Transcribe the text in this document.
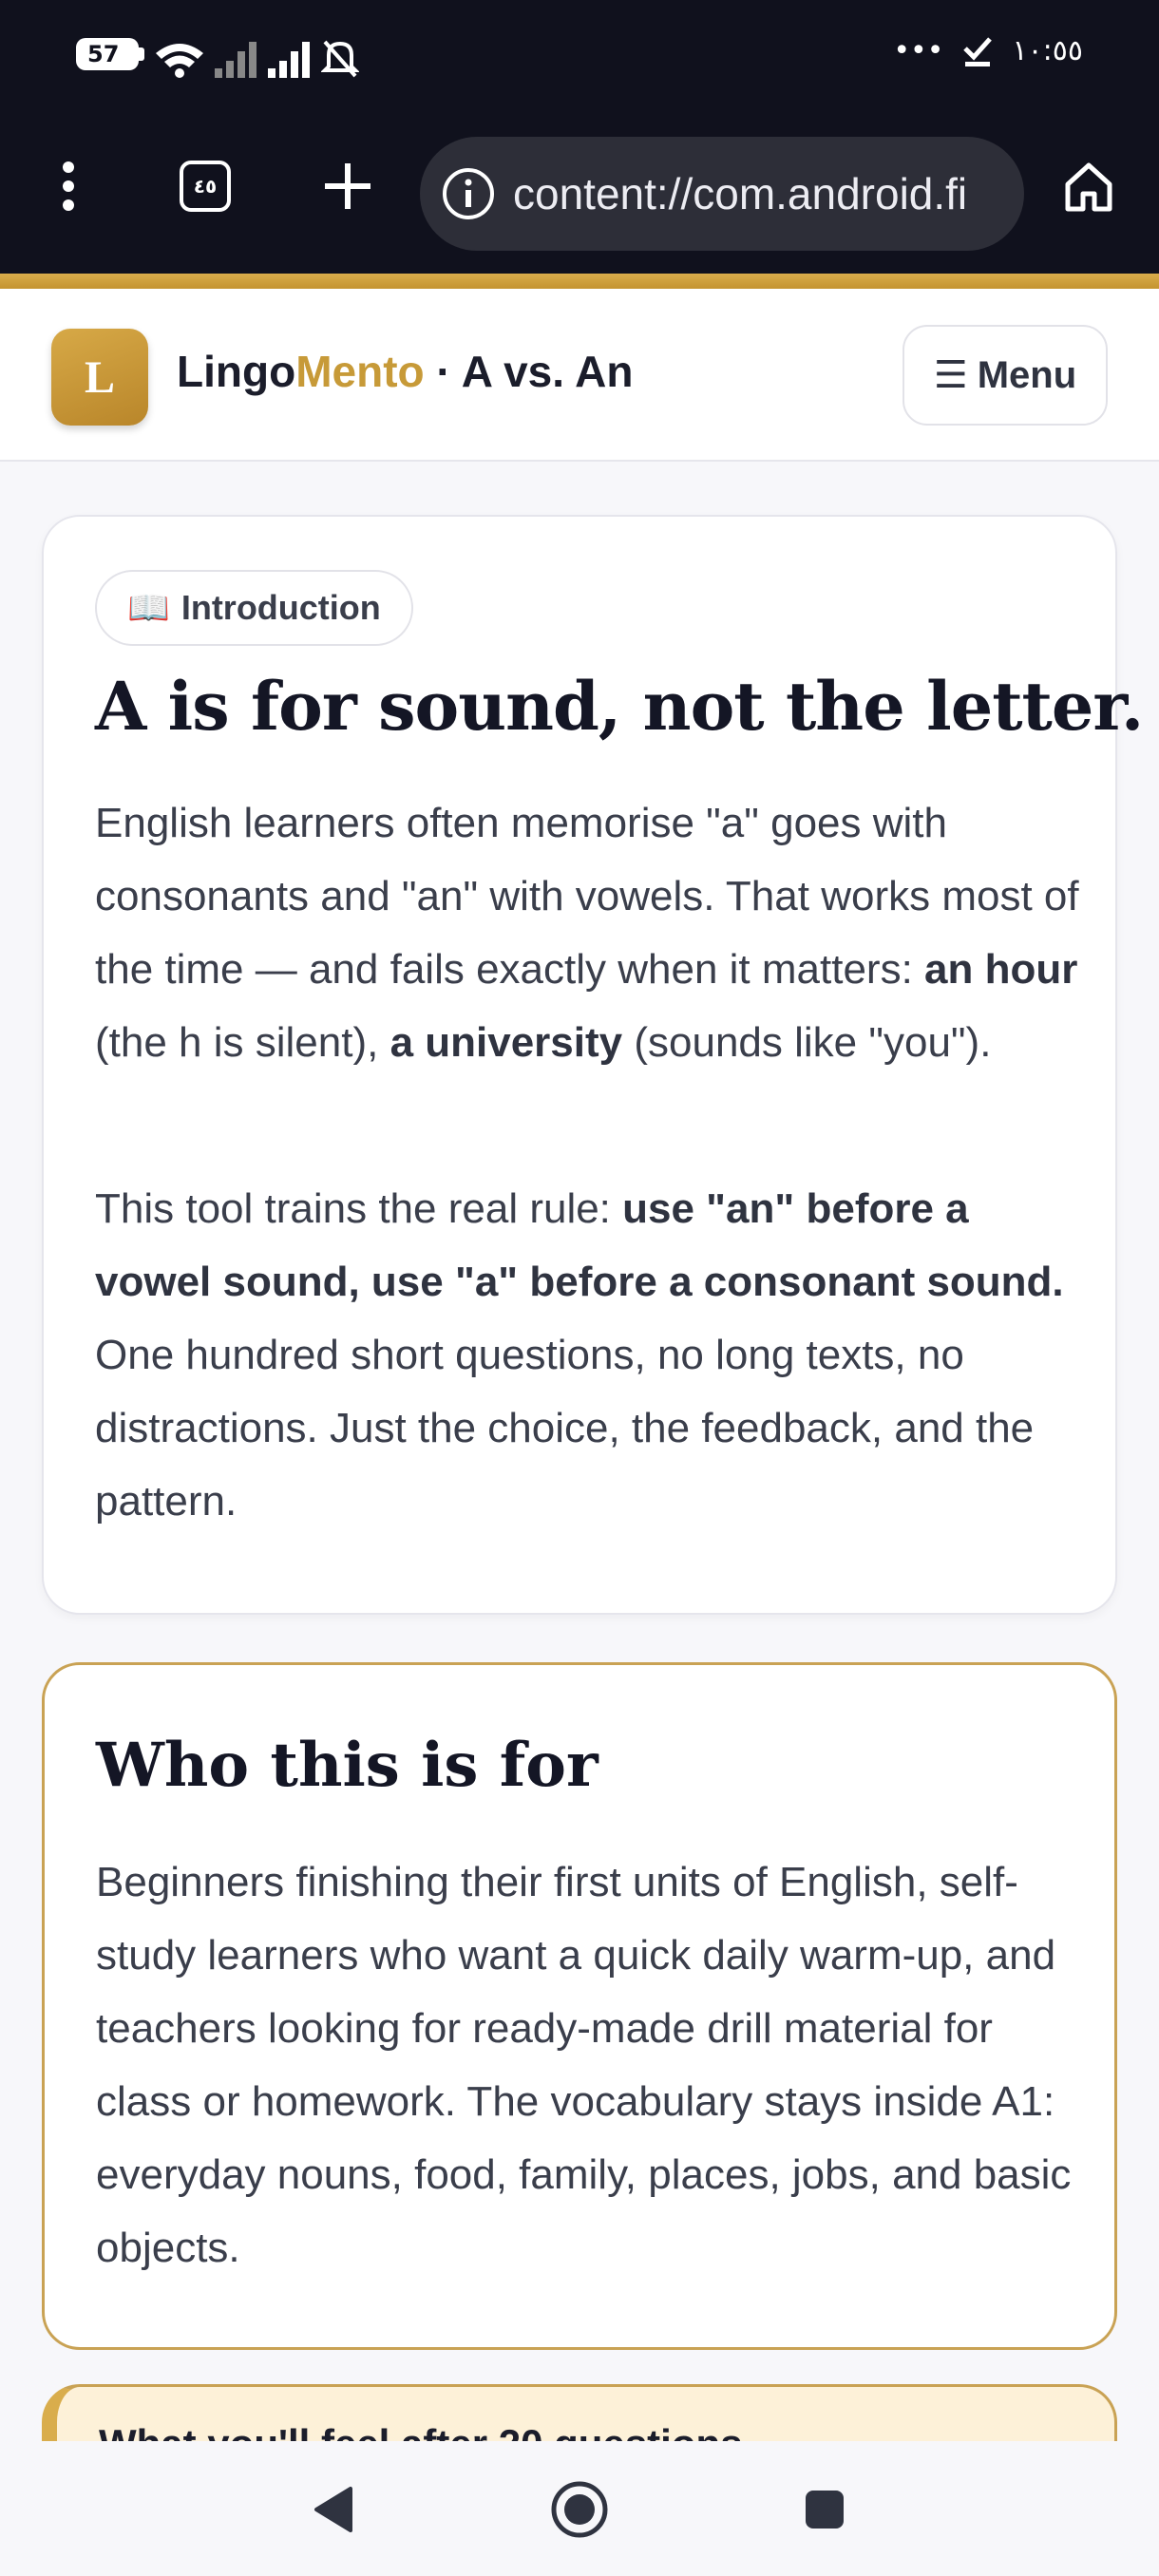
57	••• ١٠:٥٥
٤٥	content://com.android.fi
L LingoMento · A vs. An	☰ Menu
📖 Introduction
A is for sound, not the letter.

English learners often memorise "a" goes with consonants and "an" with vowels. That works most of the time — and fails exactly when it matters: an hour (the h is silent), a university (sounds like "you").

This tool trains the real rule: use "an" before a vowel sound, use "a" before a consonant sound. One hundred short questions, no long texts, no distractions. Just the choice, the feedback, and the pattern.

Who this is for

Beginners finishing their first units of English, self-study learners who want a quick daily warm-up, and teachers looking for ready-made drill material for class or homework. The vocabulary stays inside A1: everyday nouns, food, family, places, jobs, and basic objects.
